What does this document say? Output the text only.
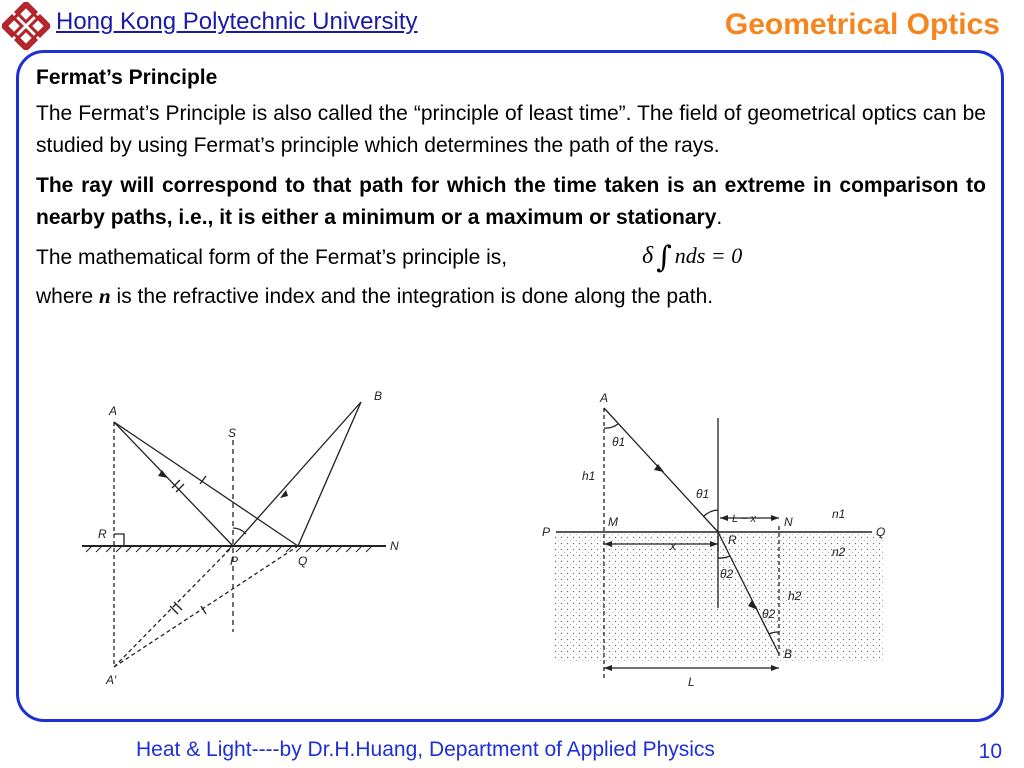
Hong Kong Polytechnic University	Geometrical Optics
Fermat’s Principle

The Fermat’s Principle is also called the “principle of least time”. The field of geometrical optics can be studied by using Fermat’s principle which determines the path of the rays.

The ray will correspond to that path for which the time taken is an extreme in comparison to nearby paths, i.e., it is either a minimum or a maximum or stationary.

The mathematical form of the Fermat’s principle is,	δ ∫ nds = 0

where n is the refractive index and the integration is done along the path.

A
B
S
R
P	Q
N
A′
A
θ1
h1
θ1
L − x N
n1
P
M
Q
R
x	n2
θ2
h2
θ2
B
L
Heat & Light----by Dr.H.Huang, Department of Applied Physics	10
